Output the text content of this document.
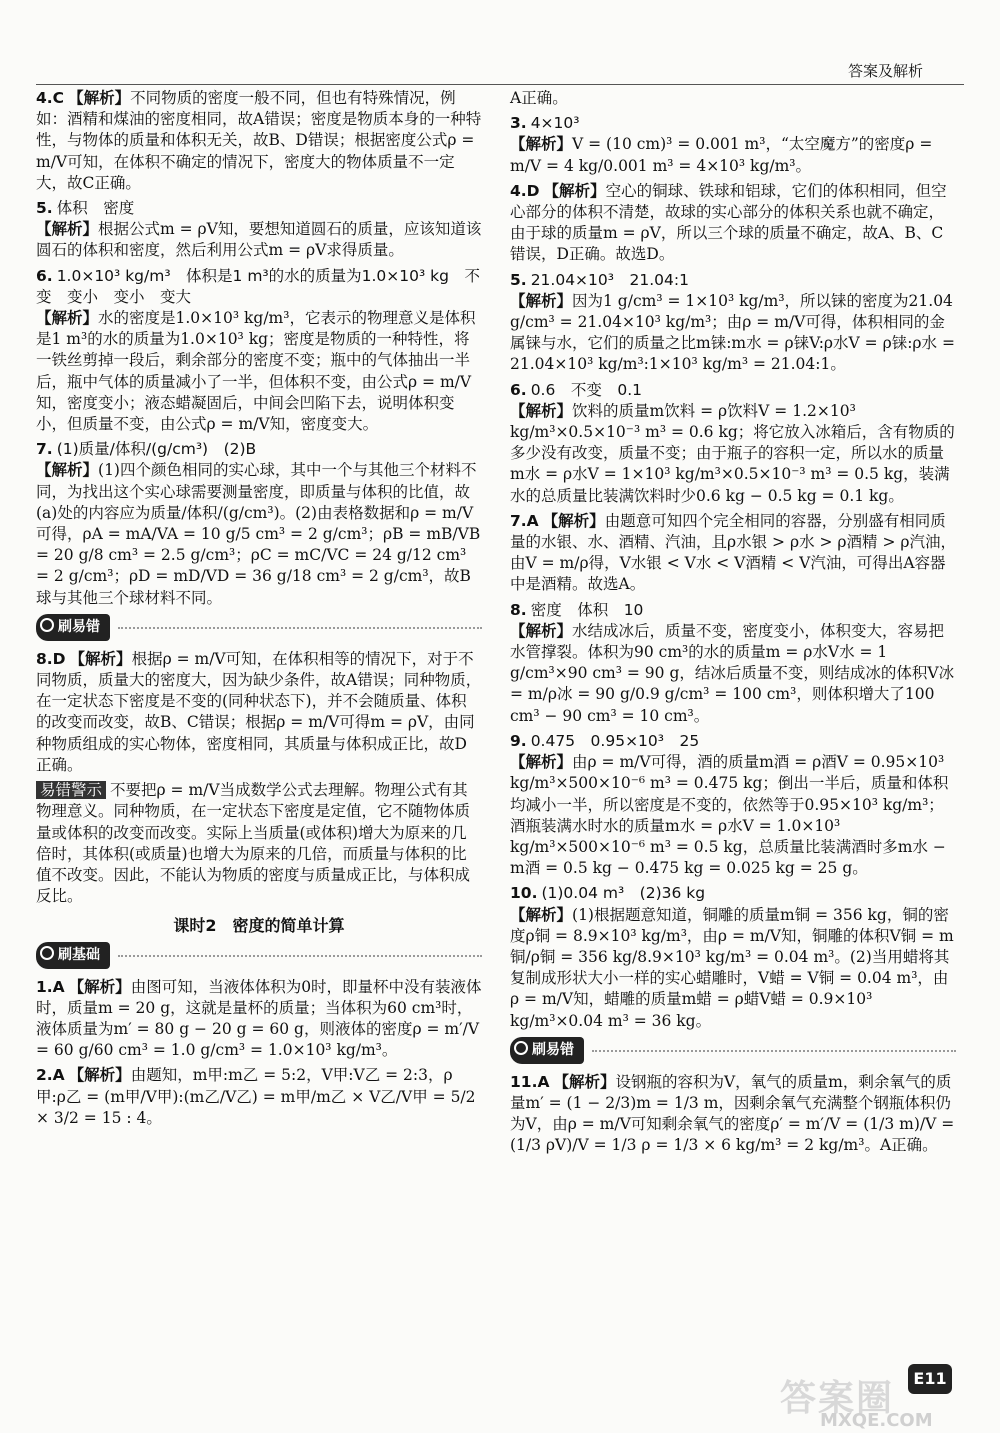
答案及解析
4.C 【解析】不同物质的密度一般不同，但也有特殊情况，例如：酒精和煤油的密度相同，故A错误；密度是物质本身的一种特性，与物体的质量和体积无关，故B、D错误；根据密度公式ρ = m/V可知，在体积不确定的情况下，密度大的物体质量不一定大，故C正确。
5. 体积　密度
【解析】根据公式m = ρV知，要想知道圆石的质量，应该知道该圆石的体积和密度，然后利用公式m = ρV求得质量。
6. 1.0×10³ kg/m³　体积是1 m³的水的质量为1.0×10³ kg　不变　变小　变小　变大
【解析】水的密度是1.0×10³ kg/m³，它表示的物理意义是体积是1 m³的水的质量为1.0×10³ kg；密度是物质的一种特性，将一铁丝剪掉一段后，剩余部分的密度不变；瓶中的气体抽出一半后，瓶中气体的质量减小了一半，但体积不变，由公式ρ = m/V知，密度变小；液态蜡凝固后，中间会凹陷下去，说明体积变小，但质量不变，由公式ρ = m/V知，密度变大。
7. (1)质量/体积/(g/cm³)　(2)B
【解析】(1)四个颜色相同的实心球，其中一个与其他三个材料不同，为找出这个实心球需要测量密度，即质量与体积的比值，故(a)处的内容应为质量/体积/(g/cm³)。(2)由表格数据和ρ = m/V可得，ρA = mA/VA = 10 g/5 cm³ = 2 g/cm³；ρB = mB/VB = 20 g/8 cm³ = 2.5 g/cm³；ρC = mC/VC = 24 g/12 cm³ = 2 g/cm³；ρD = mD/VD = 36 g/18 cm³ = 2 g/cm³，故B球与其他三个球材料不同。
刷易错
8.D 【解析】根据ρ = m/V可知，在体积相等的情况下，对于不同物质，质量大的密度大，因为缺少条件，故A错误；同种物质，在一定状态下密度是不变的(同种状态下)，并不会随质量、体积的改变而改变，故B、C错误；根据ρ = m/V可得m = ρV，由同种物质组成的实心物体，密度相同，其质量与体积成正比，故D正确。
易错警示 不要把ρ = m/V当成数学公式去理解。物理公式有其物理意义。同种物质，在一定状态下密度是定值，它不随物体质量或体积的改变而改变。实际上当质量(或体积)增大为原来的几倍时，其体积(或质量)也增大为原来的几倍，而质量与体积的比值不改变。因此，不能认为物质的密度与质量成正比，与体积成反比。
课时2　密度的简单计算
刷基础
1.A 【解析】由图可知，当液体体积为0时，即量杯中没有装液体时，质量m = 20 g，这就是量杯的质量；当体积为60 cm³时，液体质量为m′ = 80 g − 20 g = 60 g，则液体的密度ρ = m′/V = 60 g/60 cm³ = 1.0 g/cm³ = 1.0×10³ kg/m³。
2.A 【解析】由题知，m甲:m乙 = 5:2，V甲:V乙 = 2:3，ρ甲:ρ乙 = (m甲/V甲):(m乙/V乙) = m甲/m乙 × V乙/V甲 = 5/2 × 3/2 = 15 : 4。
A正确。
3. 4×10³
【解析】V = (10 cm)³ = 0.001 m³，“太空魔方”的密度ρ = m/V = 4 kg/0.001 m³ = 4×10³ kg/m³。
4.D 【解析】空心的铜球、铁球和铝球，它们的体积相同，但空心部分的体积不清楚，故球的实心部分的体积关系也就不确定，由于球的质量m = ρV，所以三个球的质量不确定，故A、B、C错误，D正确。故选D。
5. 21.04×10³　21.04:1
【解析】因为1 g/cm³ = 1×10³ kg/m³，所以铼的密度为21.04 g/cm³ = 21.04×10³ kg/m³；由ρ = m/V可得，体积相同的金属铼与水，它们的质量之比m铼:m水 = ρ铼V:ρ水V = ρ铼:ρ水 = 21.04×10³ kg/m³:1×10³ kg/m³ = 21.04:1。
6. 0.6　不变　0.1
【解析】饮料的质量m饮料 = ρ饮料V = 1.2×10³ kg/m³×0.5×10⁻³ m³ = 0.6 kg；将它放入冰箱后，含有物质的多少没有改变，质量不变；由于瓶子的容积一定，所以水的质量m水 = ρ水V = 1×10³ kg/m³×0.5×10⁻³ m³ = 0.5 kg，装满水的总质量比装满饮料时少0.6 kg − 0.5 kg = 0.1 kg。
7.A 【解析】由题意可知四个完全相同的容器，分别盛有相同质量的水银、水、酒精、汽油，且ρ水银 > ρ水 > ρ酒精 > ρ汽油，由V = m/ρ得，V水银 < V水 < V酒精 < V汽油，可得出A容器中是酒精。故选A。
8. 密度　体积　10
【解析】水结成冰后，质量不变，密度变小，体积变大，容易把水管撑裂。体积为90 cm³的水的质量m = ρ水V水 = 1 g/cm³×90 cm³ = 90 g，结冰后质量不变，则结成冰的体积V冰 = m/ρ冰 = 90 g/0.9 g/cm³ = 100 cm³，则体积增大了100 cm³ − 90 cm³ = 10 cm³。
9. 0.475　0.95×10³　25
【解析】由ρ = m/V可得，酒的质量m酒 = ρ酒V = 0.95×10³ kg/m³×500×10⁻⁶ m³ = 0.475 kg；倒出一半后，质量和体积均减小一半，所以密度是不变的，依然等于0.95×10³ kg/m³；酒瓶装满水时水的质量m水 = ρ水V = 1.0×10³ kg/m³×500×10⁻⁶ m³ = 0.5 kg，总质量比装满酒时多m水 − m酒 = 0.5 kg − 0.475 kg = 0.025 kg = 25 g。
10. (1)0.04 m³　(2)36 kg
【解析】(1)根据题意知道，铜雕的质量m铜 = 356 kg，铜的密度ρ铜 = 8.9×10³ kg/m³，由ρ = m/V知，铜雕的体积V铜 = m铜/ρ铜 = 356 kg/8.9×10³ kg/m³ = 0.04 m³。(2)当用蜡将其复制成形状大小一样的实心蜡雕时，V蜡 = V铜 = 0.04 m³，由ρ = m/V知，蜡雕的质量m蜡 = ρ蜡V蜡 = 0.9×10³ kg/m³×0.04 m³ = 36 kg。
刷易错
11.A 【解析】设钢瓶的容积为V，氧气的质量m，剩余氧气的质量m′ = (1 − 2/3)m = 1/3 m，因剩余氧气充满整个钢瓶体积仍为V，由ρ = m/V可知剩余氧气的密度ρ′ = m′/V = (1/3 m)/V = (1/3 ρV)/V = 1/3 ρ = 1/3 × 6 kg/m³ = 2 kg/m³。A正确。
答案圈
MXQE.COM
E11
